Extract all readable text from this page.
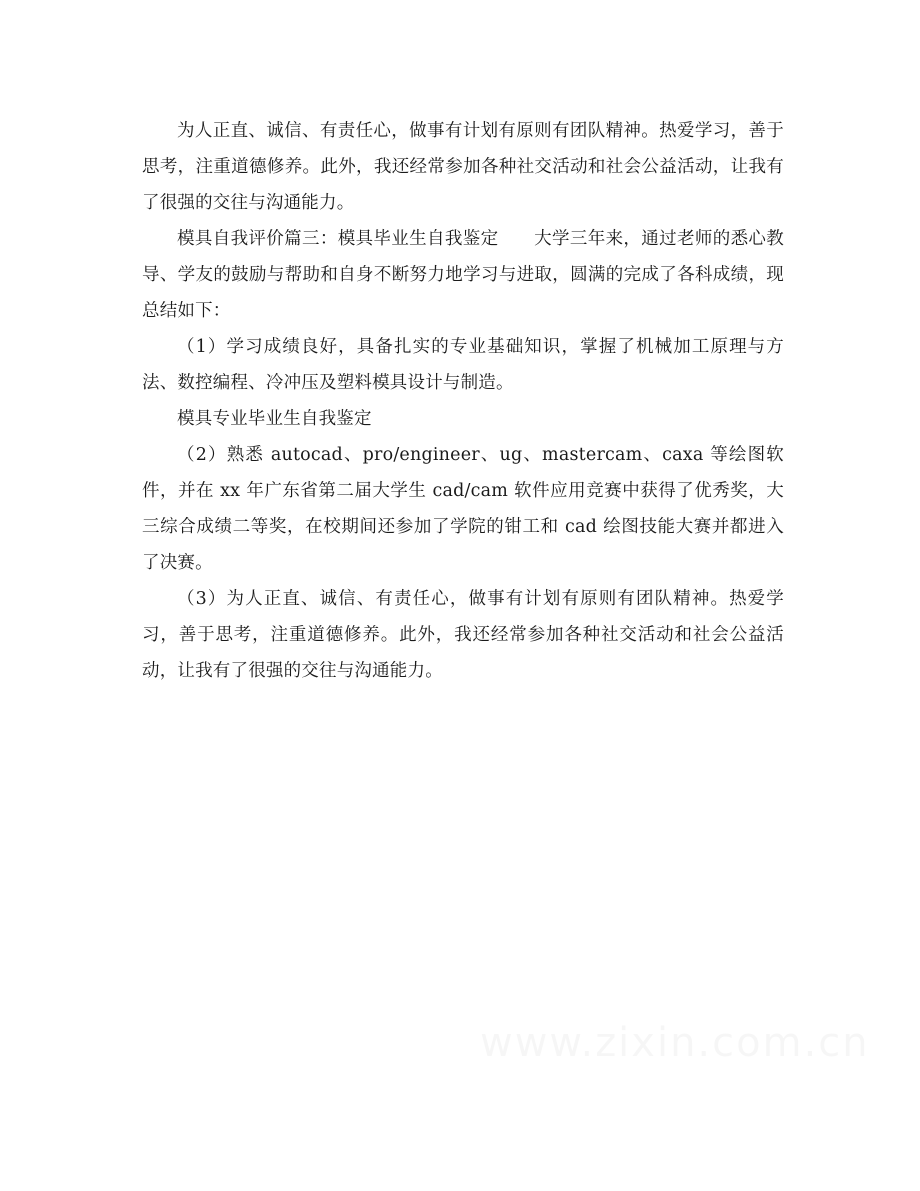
为人正直、诚信、有责任心，做事有计划有原则有团队精神。热爱学习，善于思考，注重道德修养。此外，我还经常参加各种社交活动和社会公益活动，让我有了很强的交往与沟通能力。

模具自我评价篇三：模具毕业生自我鉴定　　大学三年来，通过老师的悉心教导、学友的鼓励与帮助和自身不断努力地学习与进取，圆满的完成了各科成绩，现总结如下：

（1）学习成绩良好，具备扎实的专业基础知识，掌握了机械加工原理与方法、数控编程、冷冲压及塑料模具设计与制造。

模具专业毕业生自我鉴定

（2）熟悉 autocad、pro/engineer、ug、mastercam、caxa 等绘图软件，并在 xx 年广东省第二届大学生 cad/cam 软件应用竞赛中获得了优秀奖，大三综合成绩二等奖，在校期间还参加了学院的钳工和 cad 绘图技能大赛并都进入了决赛。

（3）为人正直、诚信、有责任心，做事有计划有原则有团队精神。热爱学习，善于思考，注重道德修养。此外，我还经常参加各种社交活动和社会公益活动，让我有了很强的交往与沟通能力。
